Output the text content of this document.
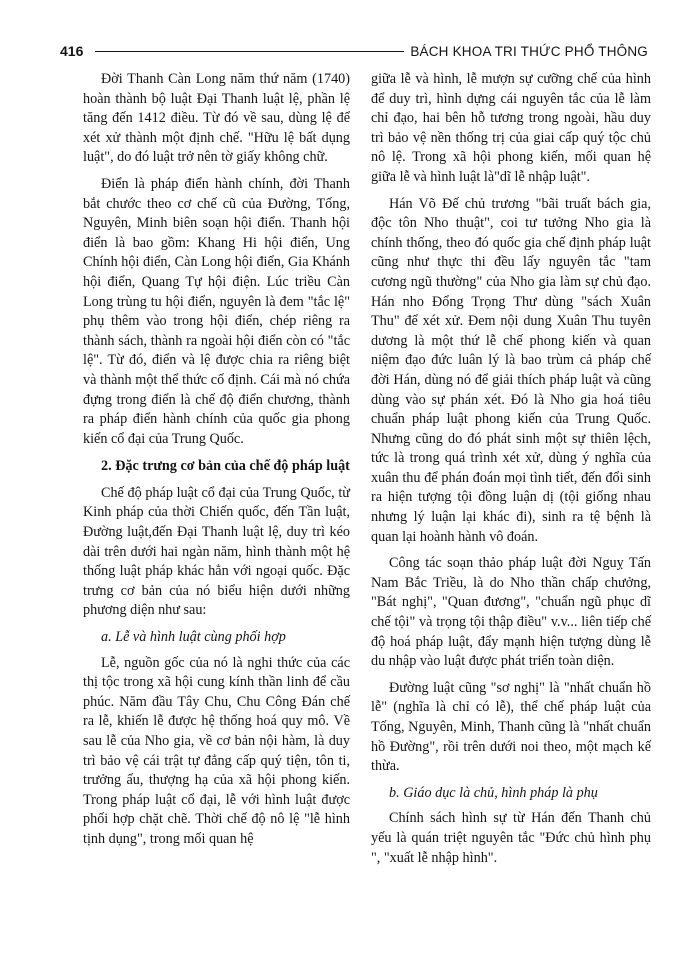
416	BÁCH KHOA TRI THỨC PHỔ THÔNG

Đời Thanh Càn Long năm thứ năm (1740) hoàn thành bộ luật Đại Thanh luật lệ, phần lệ tăng đến 1412 điều. Từ đó về sau, dùng lệ để xét xử thành một định chế. "Hữu lệ bất dụng luật", do đó luật trở nên tờ giấy không chữ.

Điển là pháp điển hành chính, đời Thanh bắt chước theo cơ chế cũ của Đường, Tống, Nguyên, Minh biên soạn hội điển. Thanh hội điển là bao gồm: Khang Hi hội điển, Ung Chính hội điển, Càn Long hội điển, Gia Khánh hội điển, Quang Tự hội điện. Lúc triều Càn Long trùng tu hội điển, nguyên là đem "tắc lệ" phụ thêm vào trong hội điển, chép riêng ra thành sách, thành ra ngoài hội điển còn có "tắc lệ". Từ đó, điển và lệ được chia ra riêng biệt và thành một thể thức cố định. Cái mà nó chứa đựng trong điển là chế độ điển chương, thành ra pháp điển hành chính của quốc gia phong kiến cổ đại của Trung Quốc.

2. Đặc trưng cơ bản của chế độ pháp luật

Chế độ pháp luật cổ đại của Trung Quốc, từ Kinh pháp của thời Chiến quốc, đến Tần luật, Đường luật,đến Đại Thanh luật lệ, duy trì kéo dài trên dưới hai ngàn năm, hình thành một hệ thống luật pháp khác hẳn với ngoại quốc. Đặc trưng cơ bản của nó biểu hiện dưới những phương diện như sau:

a. Lễ và hình luật cùng phối hợp

Lễ, nguồn gốc của nó là nghi thức của các thị tộc trong xã hội cung kính thần linh để cầu phúc. Năm đầu Tây Chu, Chu Công Đán chế ra lễ, khiến lễ được hệ thống hoá quy mô. Về sau lễ của Nho gia, về cơ bản nội hàm, là duy trì bảo vệ cái trật tự đẳng cấp quý tiện, tôn ti, trưởng ấu, thượng hạ của xã hội phong kiến. Trong pháp luật cổ đại, lễ với hình luật được phối hợp chặt chẽ. Thời chế độ nô lệ "lễ hình tịnh dụng", trong mối quan hệ

giữa lễ và hình, lễ mượn sự cưỡng chế của hình để duy trì, hình dựng cái nguyên tắc của lễ làm chỉ đạo, hai bên hỗ tương trong ngoài, hầu duy trì bảo vệ nền thống trị của giai cấp quý tộc chủ nô lệ. Trong xã hội phong kiến, mối quan hệ giữa lễ và hình luật là"dĩ lễ nhập luật".

Hán Võ Đế chủ trương "bãi truất bách gia, độc tôn Nho thuật", coi tư tưởng Nho gia là chính thống, theo đó quốc gia chế định pháp luật cũng như thực thi đều lấy nguyên tắc "tam cương ngũ thường" của Nho gia làm sự chủ đạo. Hán nho Đổng Trọng Thư dùng "sách Xuân Thu" để xét xử. Đem nội dung Xuân Thu tuyên dương là một thứ lễ chế phong kiến và quan niệm đạo đức luân lý là bao trùm cả pháp chế đời Hán, dùng nó để giải thích pháp luật và cũng dùng vào sự phán xét. Đó là Nho gia hoá tiêu chuẩn pháp luật phong kiến của Trung Quốc. Nhưng cũng do đó phát sinh một sự thiên lệch, tức là trong quá trình xét xử, dùng ý nghĩa của xuân thu để phán đoán mọi tình tiết, đến đổi sinh ra hiện tượng tội đồng luận dị (tội giống nhau nhưng lý luận lại khác đi), sinh ra tệ bệnh là quan lại hoành hành vô đoán.

Công tác soạn thảo pháp luật đời Nguỵ Tấn Nam Bắc Triều, là do Nho thần chấp chưởng, "Bát nghị", "Quan đương", "chuẩn ngũ phục dĩ chế tội" và trọng tội thập điều" v.v... liên tiếp chế độ hoá pháp luật, đẩy mạnh hiện tượng dùng lễ du nhập vào luật được phát triển toàn diện.

Đường luật cũng "sơ nghị" là "nhất chuẩn hồ lễ" (nghĩa là chỉ có lễ), thể chế pháp luật của Tống, Nguyên, Minh, Thanh cũng là "nhất chuẩn hồ Đường", rồi trên dưới noi theo, một mạch kế thừa.

b. Giáo dục là chủ, hình pháp là phụ

Chính sách hình sự từ Hán đến Thanh chủ yếu là quán triệt nguyên tắc "Đức chủ hình phụ ", "xuất lễ nhập hình".
